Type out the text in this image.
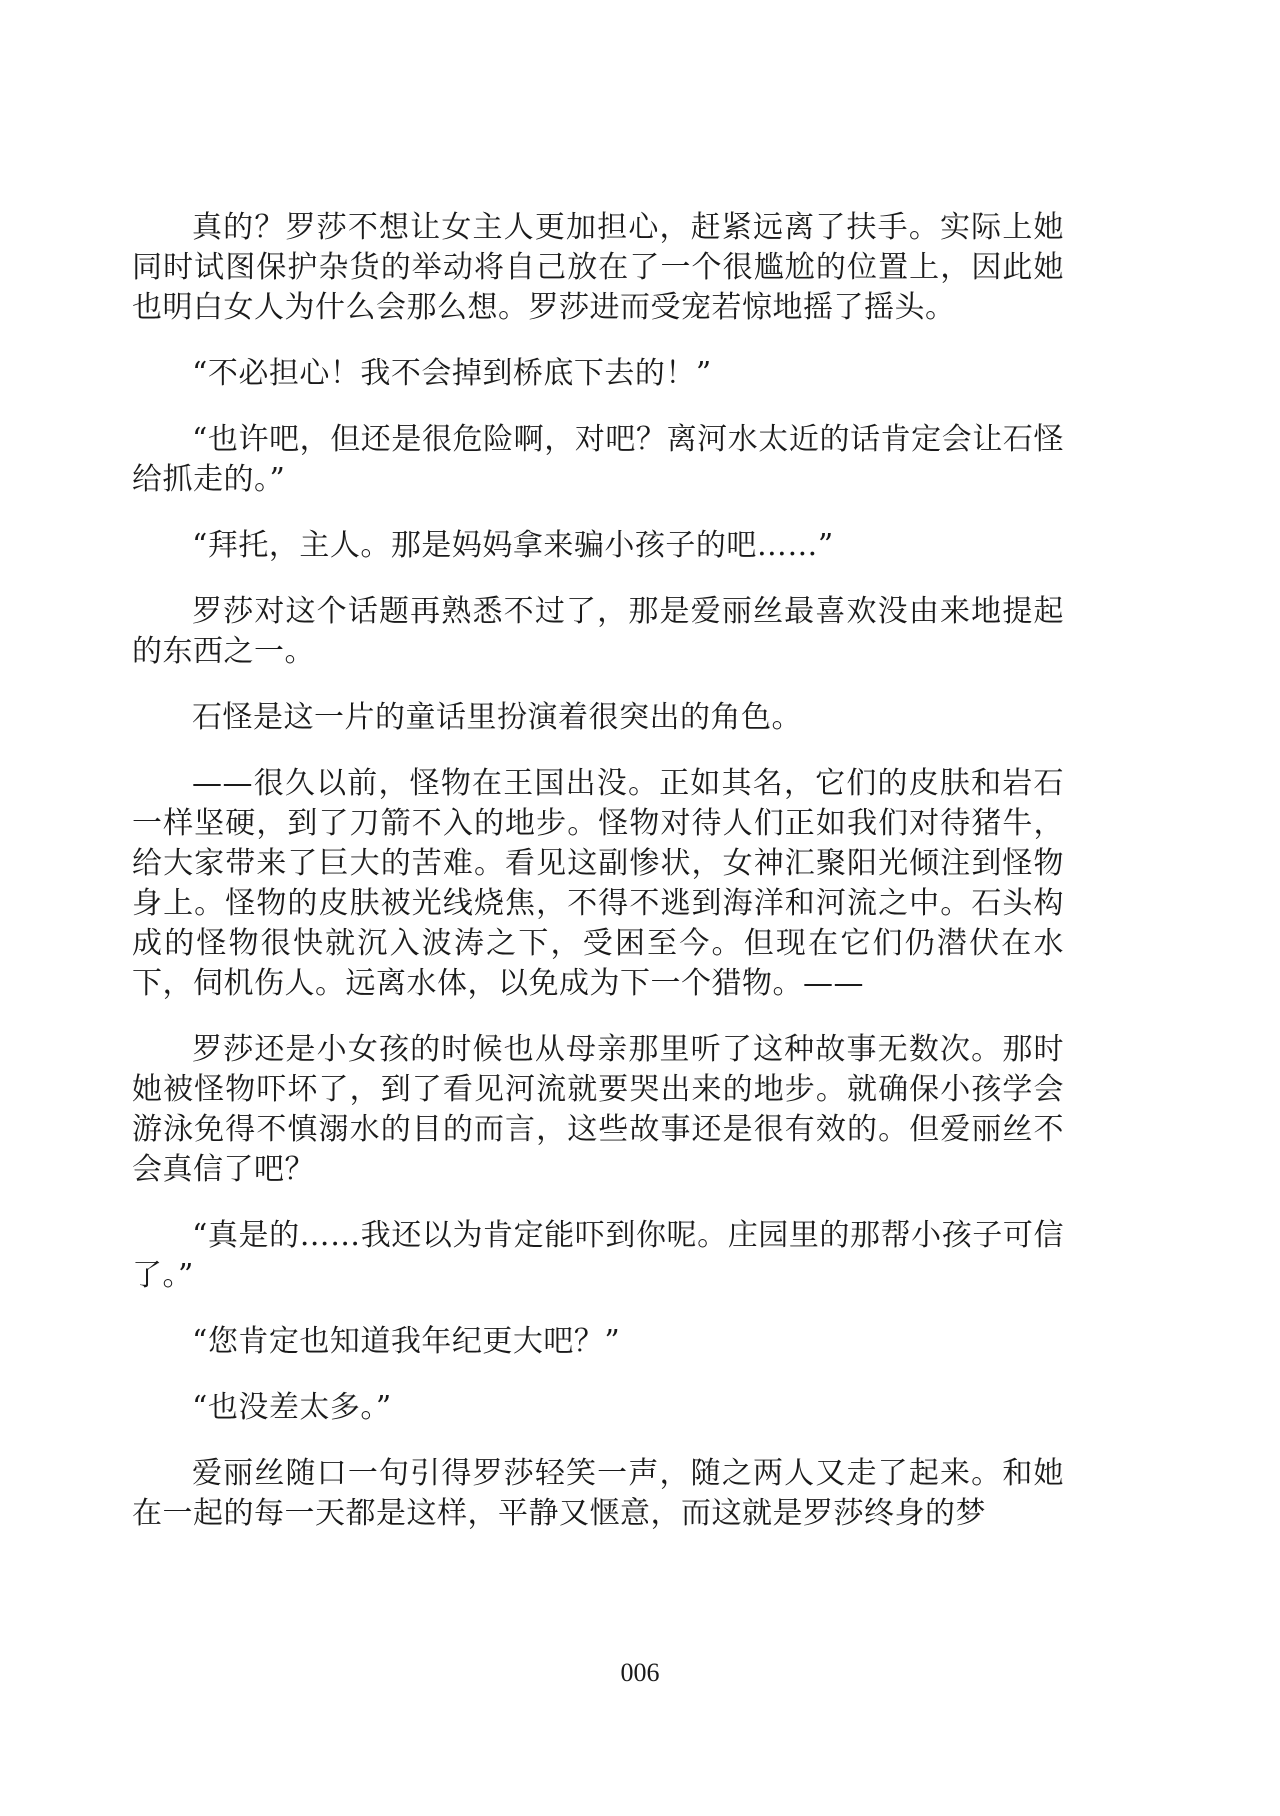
真的？罗莎不想让女主人更加担心，赶紧远离了扶手。实际上她同时试图保护杂货的举动将自己放在了一个很尴尬的位置上，因此她也明白女人为什么会那么想。罗莎进而受宠若惊地摇了摇头。

“不必担心！我不会掉到桥底下去的！”

“也许吧，但还是很危险啊，对吧？离河水太近的话肯定会让石怪给抓走的。”

“拜托，主人。那是妈妈拿来骗小孩子的吧……”

罗莎对这个话题再熟悉不过了，那是爱丽丝最喜欢没由来地提起的东西之一。

石怪是这一片的童话里扮演着很突出的角色。

——很久以前，怪物在王国出没。正如其名，它们的皮肤和岩石一样坚硬，到了刀箭不入的地步。怪物对待人们正如我们对待猪牛，给大家带来了巨大的苦难。看见这副惨状，女神汇聚阳光倾注到怪物身上。怪物的皮肤被光线烧焦，不得不逃到海洋和河流之中。石头构成的怪物很快就沉入波涛之下，受困至今。但现在它们仍潜伏在水下，伺机伤人。远离水体，以免成为下一个猎物。——

罗莎还是小女孩的时候也从母亲那里听了这种故事无数次。那时她被怪物吓坏了，到了看见河流就要哭出来的地步。就确保小孩学会游泳免得不慎溺水的目的而言，这些故事还是很有效的。但爱丽丝不会真信了吧？

“真是的……我还以为肯定能吓到你呢。庄园里的那帮小孩子可信了。”

“您肯定也知道我年纪更大吧？”

“也没差太多。”

爱丽丝随口一句引得罗莎轻笑一声，随之两人又走了起来。和她在一起的每一天都是这样，平静又惬意，而这就是罗莎终身的梦

006
